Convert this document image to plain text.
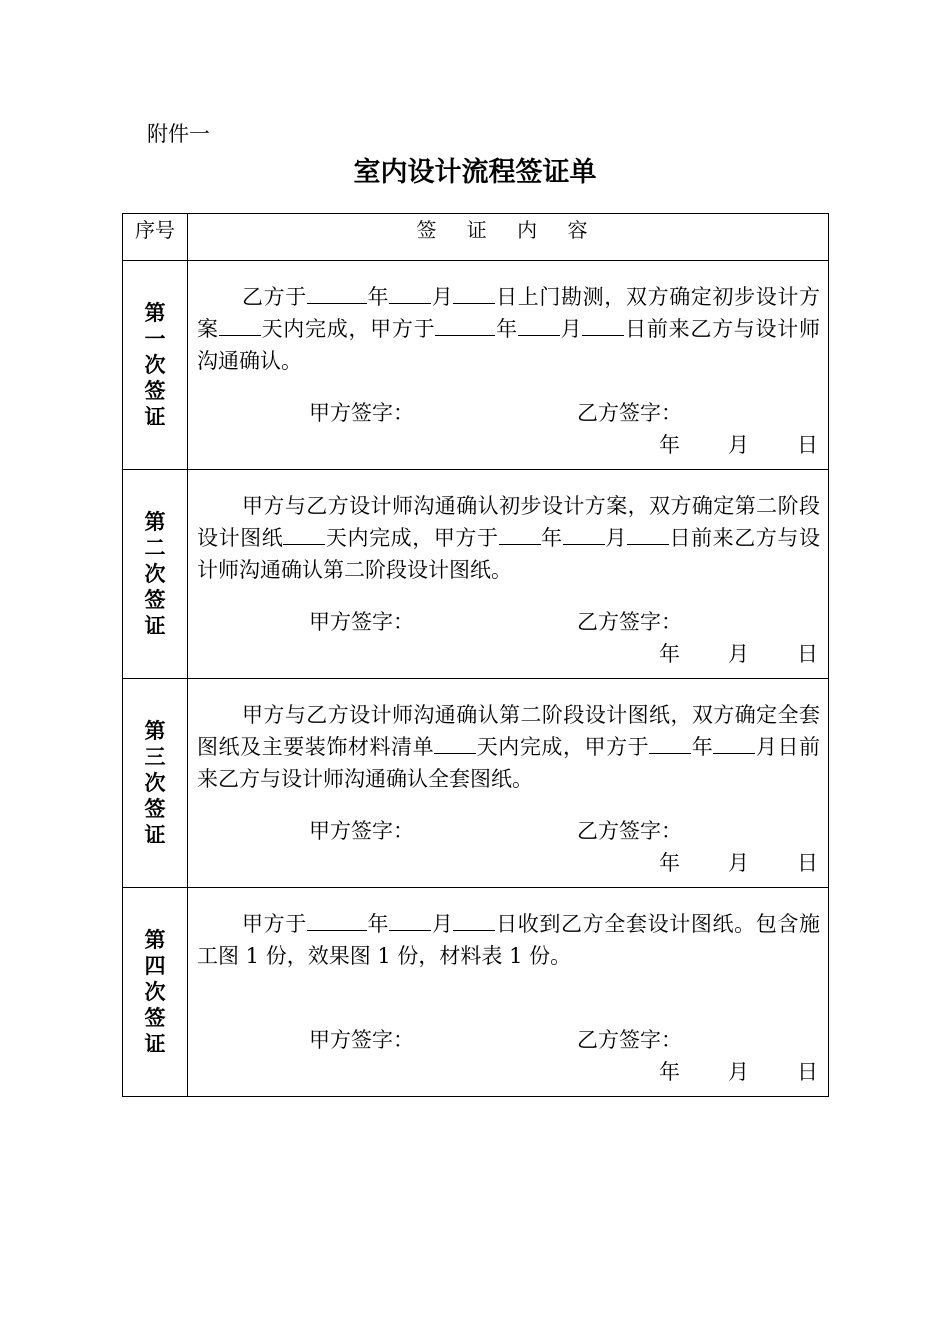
附件一
室内设计流程签证单
序号	签 证 内 容
第一次签证	乙方于 年 月 日上门勘测，双方确定初步设计方案 天内完成，甲方于 年 月 日前来乙方与设计师沟通确认。

甲方签字： 乙方签字：
年 月 日

第二次签证	甲方与乙方设计师沟通确认初步设计方案，双方确定第二阶段设计图纸 天内完成，甲方于 年 月 日前来乙方与设计师沟通确认第二阶段设计图纸。

甲方签字： 乙方签字：
年 月 日

第三次签证	甲方与乙方设计师沟通确认第二阶段设计图纸，双方确定全套图纸及主要装饰材料清单 天内完成，甲方于 年 月日前来乙方与设计师沟通确认全套图纸。

甲方签字： 乙方签字：
年 月 日

第四次签证	甲方于 年 月 日收到乙方全套设计图纸。包含施工图 1 份，效果图 1 份，材料表 1 份。

甲方签字： 乙方签字：
年 月 日
